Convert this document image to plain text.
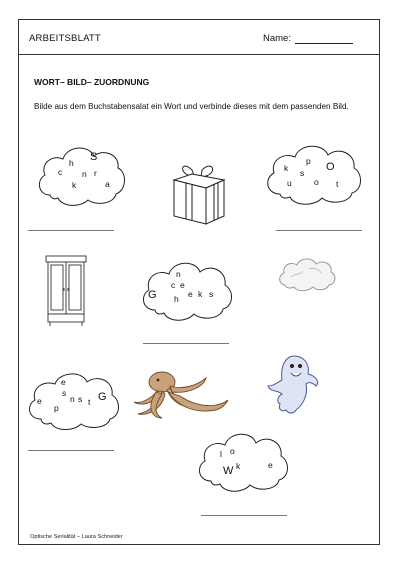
ARBEITSBLATT	Name:
WORT– BILD– ZUORDNUNG
Bilde aus dem Buchstabensalat ein Wort und verbinde dieses mit dem passenden Bild.
c
h S
n r
k	a
k
p
s O
u	o t
n
c e
G h e k s
e
s
e
p
n s t G
l o
W k	e
Optische Serialität – Laura Schneider
